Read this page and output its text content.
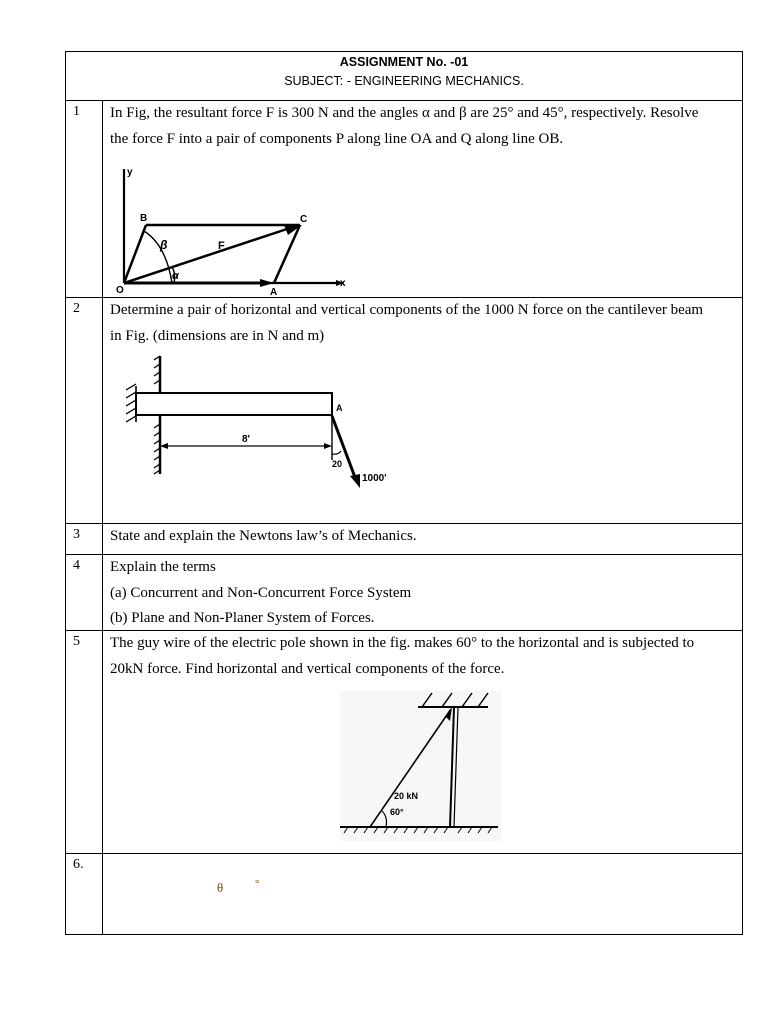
ASSIGNMENT No. -01
SUBJECT: - ENGINEERING MECHANICS.
1	In Fig, the resultant force F is 300 N and the angles α and β are 25° and 45°, respectively. Resolve

the force F into a pair of components P along line OA and Q along line OB.

y
x
O	A
B	C
F
β
α
2	Determine a pair of horizontal and vertical components of the 1000 N force on the cantilever beam

in Fig. (dimensions are in N and m)

A
8'
20
1000'
3	State and explain the Newtons law’s of Mechanics.

4	Explain the terms

(a) Concurrent and Non-Concurrent Force System

(b) Plane and Non-Planer System of Forces.

5	The guy wire of the electric pole shown in the fig. makes 60° to the horizontal and is subjected to

20kN force. Find horizontal and vertical components of the force.

20 kN
60°
6.
θ	°
